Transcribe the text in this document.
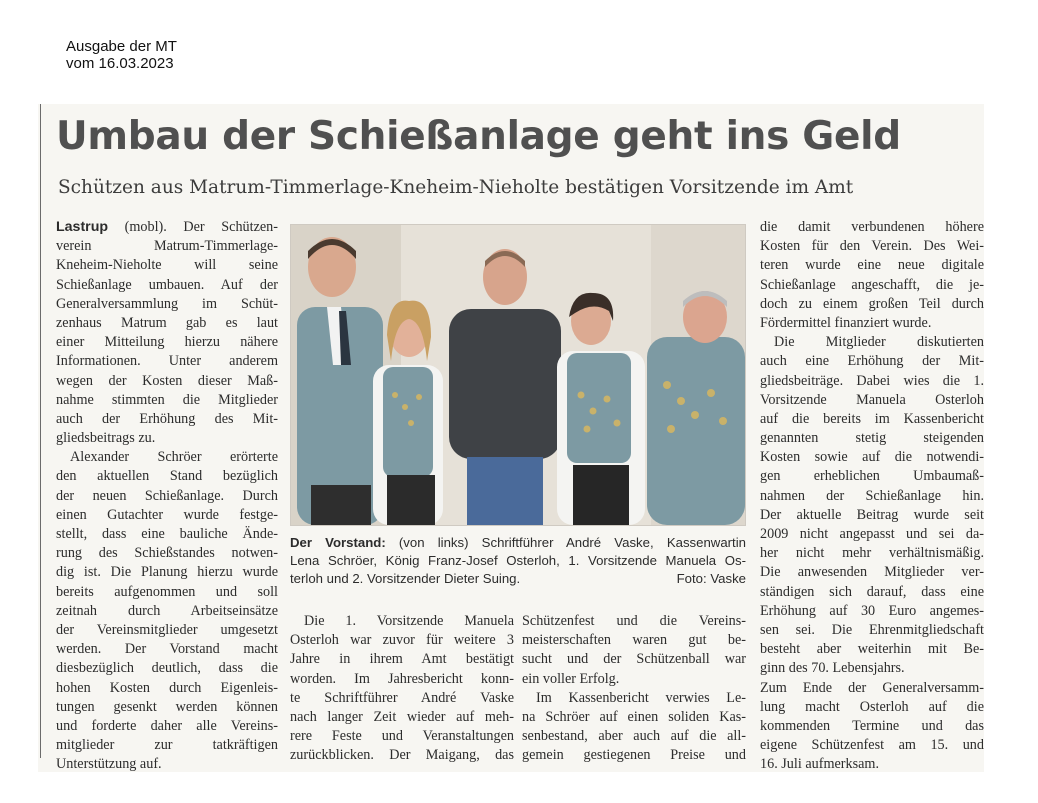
Ausgabe der MT
vom 16.03.2023
Umbau der Schießanlage geht ins Geld
Schützen aus Matrum-Timmerlage-Kneheim-Nieholte bestätigen Vorsitzende im Amt
Lastrup (mobl). Der Schützen-
verein Matrum-Timmerlage-
Kneheim-Nieholte will seine
Schießanlage umbauen. Auf der
Generalversammlung im Schüt-
zenhaus Matrum gab es laut
einer Mitteilung hierzu nähere
Informationen. Unter anderem
wegen der Kosten dieser Maß-
nahme stimmten die Mitglieder
auch der Erhöhung des Mit-
gliedsbeitrags zu.
Alexander Schröer erörterte
den aktuellen Stand bezüglich
der neuen Schießanlage. Durch
einen Gutachter wurde festge-
stellt, dass eine bauliche Ände-
rung des Schießstandes notwen-
dig ist. Die Planung hierzu wurde
bereits aufgenommen und soll
zeitnah durch Arbeitseinsätze
der Vereinsmitglieder umgesetzt
werden. Der Vorstand macht
diesbezüglich deutlich, dass die
hohen Kosten durch Eigenleis-
tungen gesenkt werden können
und forderte daher alle Vereins-
mitglieder zur tatkräftigen
Unterstützung auf.
Der Vorstand: (von links) Schriftführer André Vaske, Kassenwartin
Lena Schröer, König Franz-Josef Osterloh, 1. Vorsitzende Manuela Os-
terloh und 2. Vorsitzender Dieter Suing.	Foto: Vaske
Die 1. Vorsitzende Manuela
Osterloh war zuvor für weitere 3
Jahre in ihrem Amt bestätigt
worden. Im Jahresbericht konn-
te Schriftführer André Vaske
nach langer Zeit wieder auf meh-
rere Feste und Veranstaltungen
zurückblicken. Der Maigang, das
Schützenfest und die Vereins-
meisterschaften waren gut be-
sucht und der Schützenball war
ein voller Erfolg.
Im Kassenbericht verwies Le-
na Schröer auf einen soliden Kas-
senbestand, aber auch auf die all-
gemein gestiegenen Preise und
die damit verbundenen höhere
Kosten für den Verein. Des Wei-
teren wurde eine neue digitale
Schießanlage angeschafft, die je-
doch zu einem großen Teil durch
Fördermittel finanziert wurde.
Die Mitglieder diskutierten
auch eine Erhöhung der Mit-
gliedsbeiträge. Dabei wies die 1.
Vorsitzende Manuela Osterloh
auf die bereits im Kassenbericht
genannten stetig steigenden
Kosten sowie auf die notwendi-
gen erheblichen Umbaumaß-
nahmen der Schießanlage hin.
Der aktuelle Beitrag wurde seit
2009 nicht angepasst und sei da-
her nicht mehr verhältnismäßig.
Die anwesenden Mitglieder ver-
ständigen sich darauf, dass eine
Erhöhung auf 30 Euro angemes-
sen sei. Die Ehrenmitgliedschaft
besteht aber weiterhin mit Be-
ginn des 70. Lebensjahrs.
Zum Ende der Generalversamm-
lung macht Osterloh auf die
kommenden Termine und das
eigene Schützenfest am 15. und
16. Juli aufmerksam.
